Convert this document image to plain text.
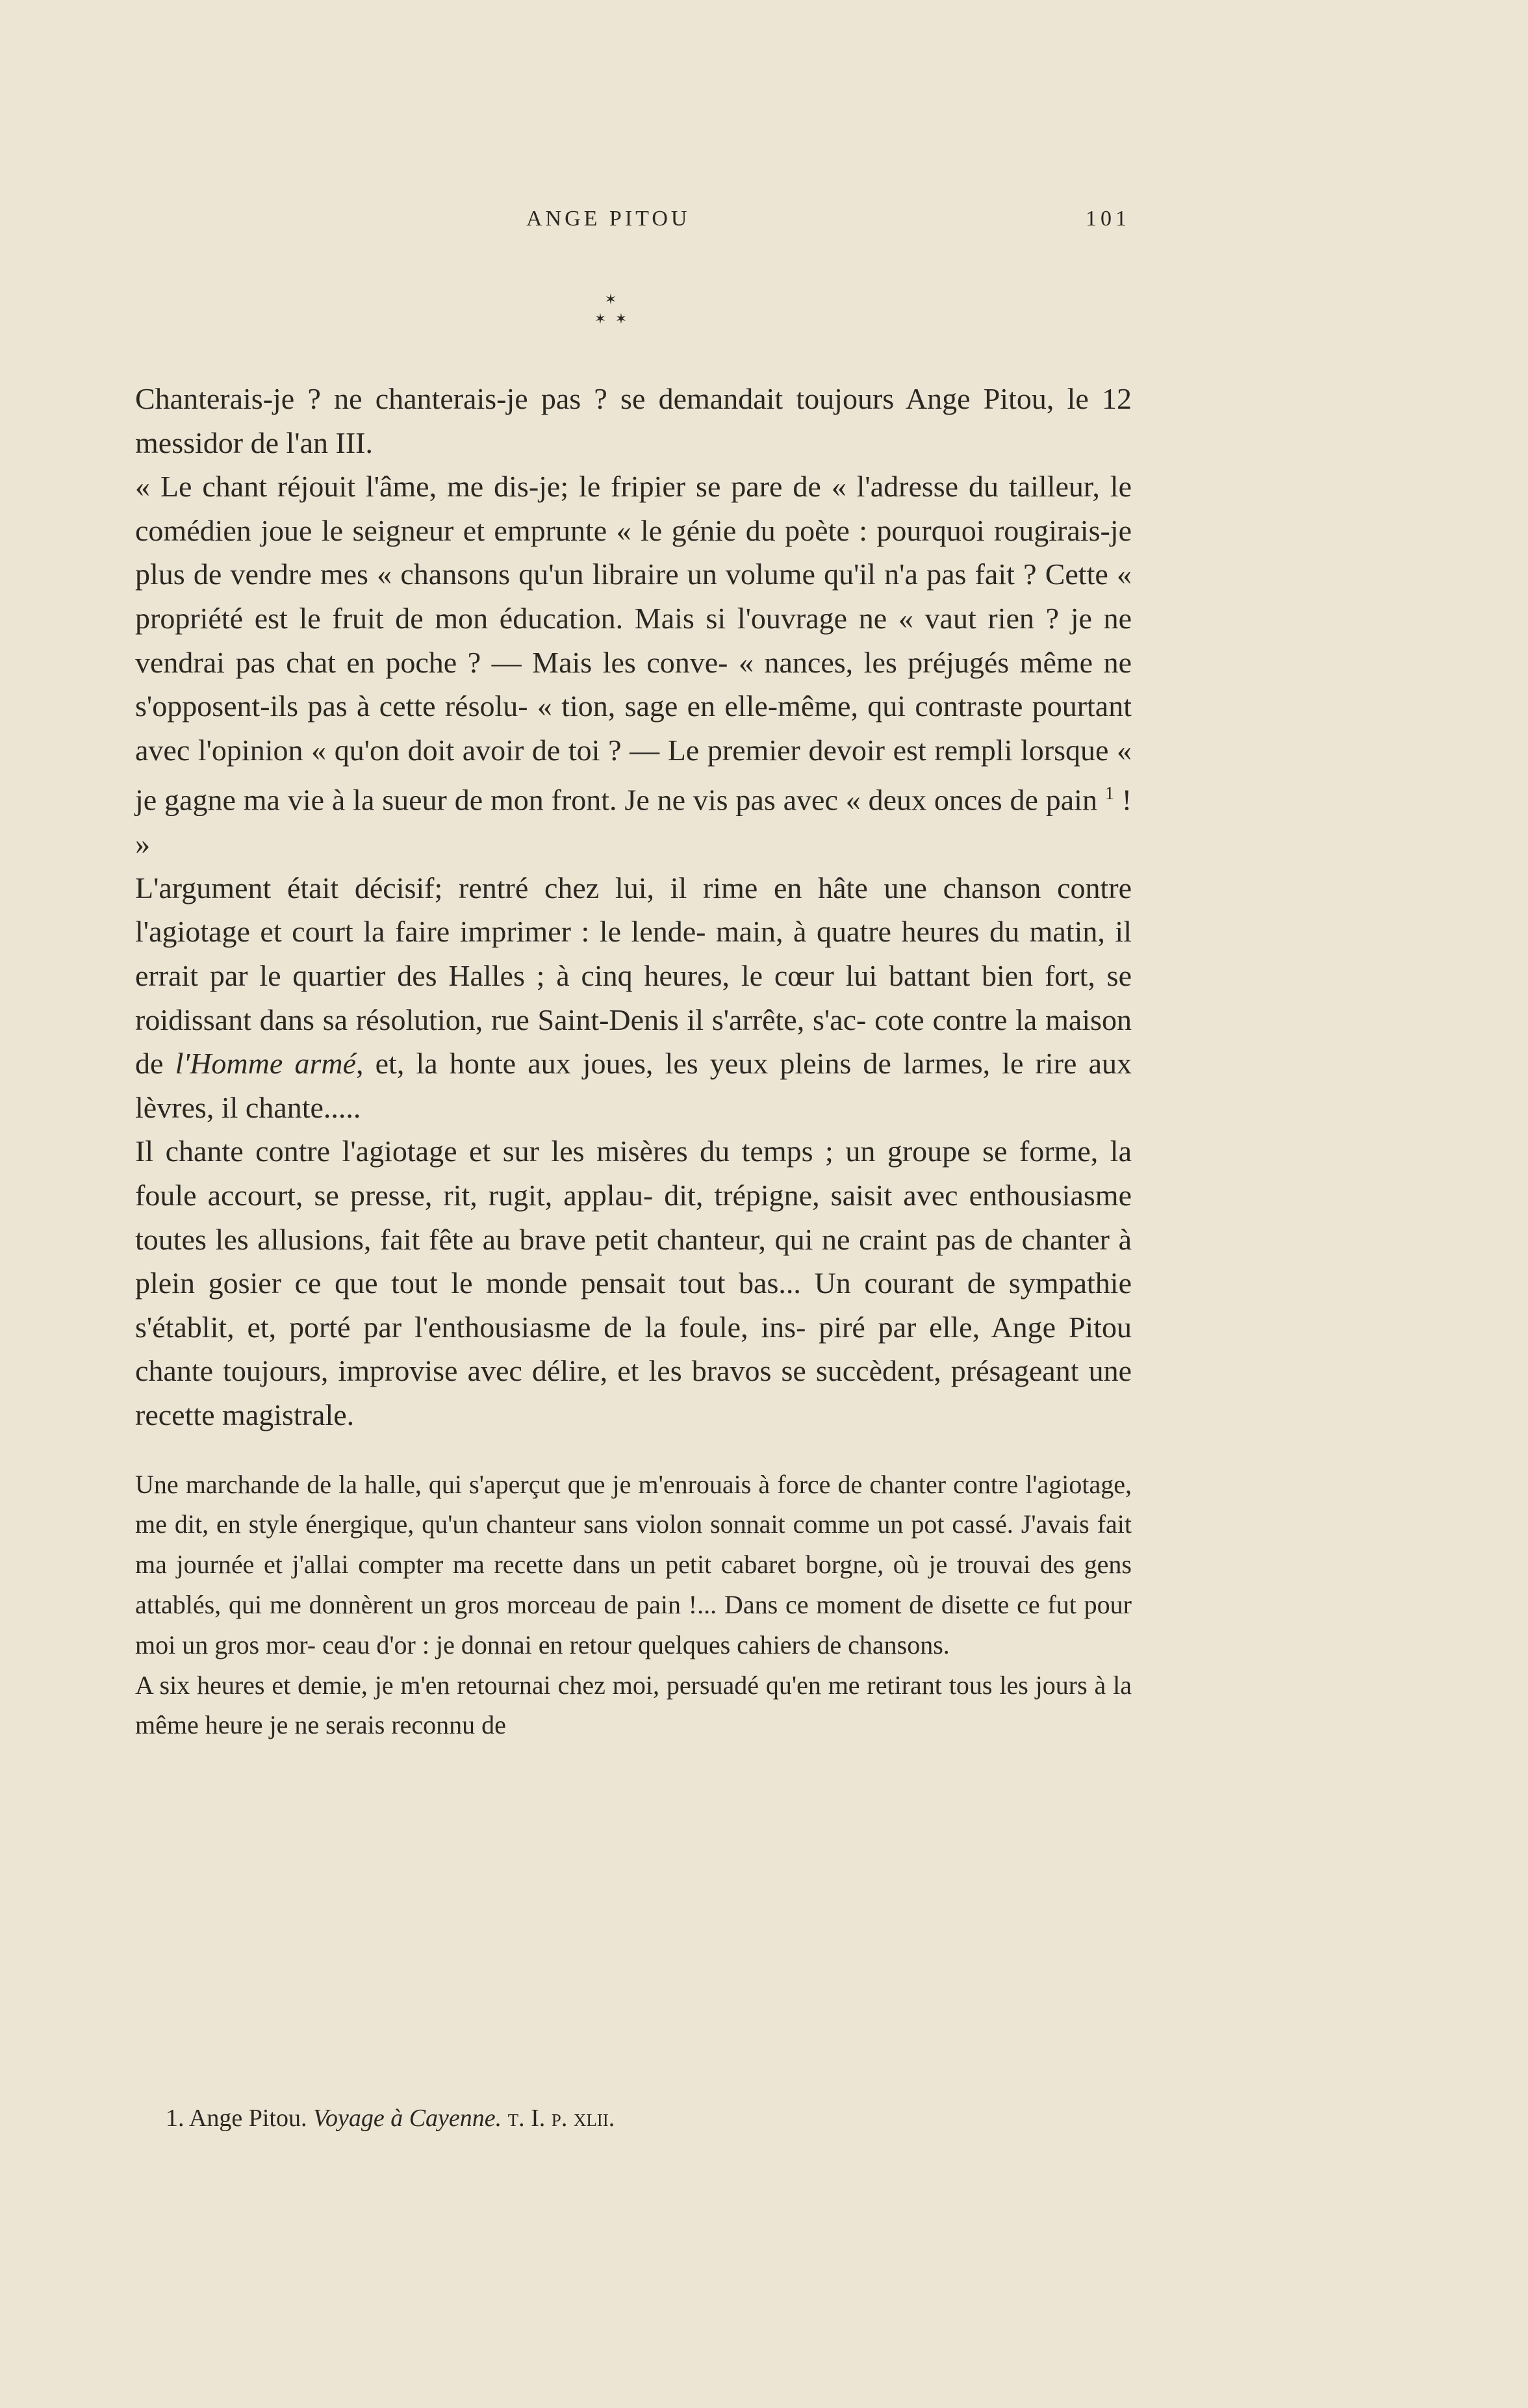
ANGE PITOU	101
✶
✶ ✶

Chanterais-je ? ne chanterais-je pas ? se demandait toujours Ange Pitou, le 12 messidor de l'an III.

« Le chant réjouit l'âme, me dis-je; le fripier se pare de « l'adresse du tailleur, le comédien joue le seigneur et emprunte « le génie du poète : pourquoi rougirais-je plus de vendre mes « chansons qu'un libraire un volume qu'il n'a pas fait ? Cette « propriété est le fruit de mon éducation. Mais si l'ouvrage ne « vaut rien ? je ne vendrai pas chat en poche ? — Mais les conve- « nances, les préjugés même ne s'opposent-ils pas à cette résolu- « tion, sage en elle-même, qui contraste pourtant avec l'opinion « qu'on doit avoir de toi ? — Le premier devoir est rempli lorsque « je gagne ma vie à la sueur de mon front. Je ne vis pas avec « deux onces de pain $^1$ ! »

L'argument était décisif; rentré chez lui, il rime en hâte une chanson contre l'agiotage et court la faire imprimer : le lende- main, à quatre heures du matin, il errait par le quartier des Halles ; à cinq heures, le cœur lui battant bien fort, se roidissant dans sa résolution, rue Saint-Denis il s'arrête, s'ac- cote contre la maison de l'Homme armé, et, la honte aux joues, les yeux pleins de larmes, le rire aux lèvres, il chante.....

Il chante contre l'agiotage et sur les misères du temps ; un groupe se forme, la foule accourt, se presse, rit, rugit, applau- dit, trépigne, saisit avec enthousiasme toutes les allusions, fait fête au brave petit chanteur, qui ne craint pas de chanter à plein gosier ce que tout le monde pensait tout bas... Un courant de sympathie s'établit, et, porté par l'enthousiasme de la foule, ins- piré par elle, Ange Pitou chante toujours, improvise avec délire, et les bravos se succèdent, présageant une recette magistrale.

Une marchande de la halle, qui s'aperçut que je m'enrouais à force de chanter contre l'agiotage, me dit, en style énergique, qu'un chanteur sans violon sonnait comme un pot cassé. J'avais fait ma journée et j'allai compter ma recette dans un petit cabaret borgne, où je trouvai des gens attablés, qui me donnèrent un gros morceau de pain !... Dans ce moment de disette ce fut pour moi un gros mor- ceau d'or : je donnai en retour quelques cahiers de chansons.

A six heures et demie, je m'en retournai chez moi, persuadé qu'en me retirant tous les jours à la même heure je ne serais reconnu de

1. Ange Pitou. Voyage à Cayenne. t. I. p. xlii.
